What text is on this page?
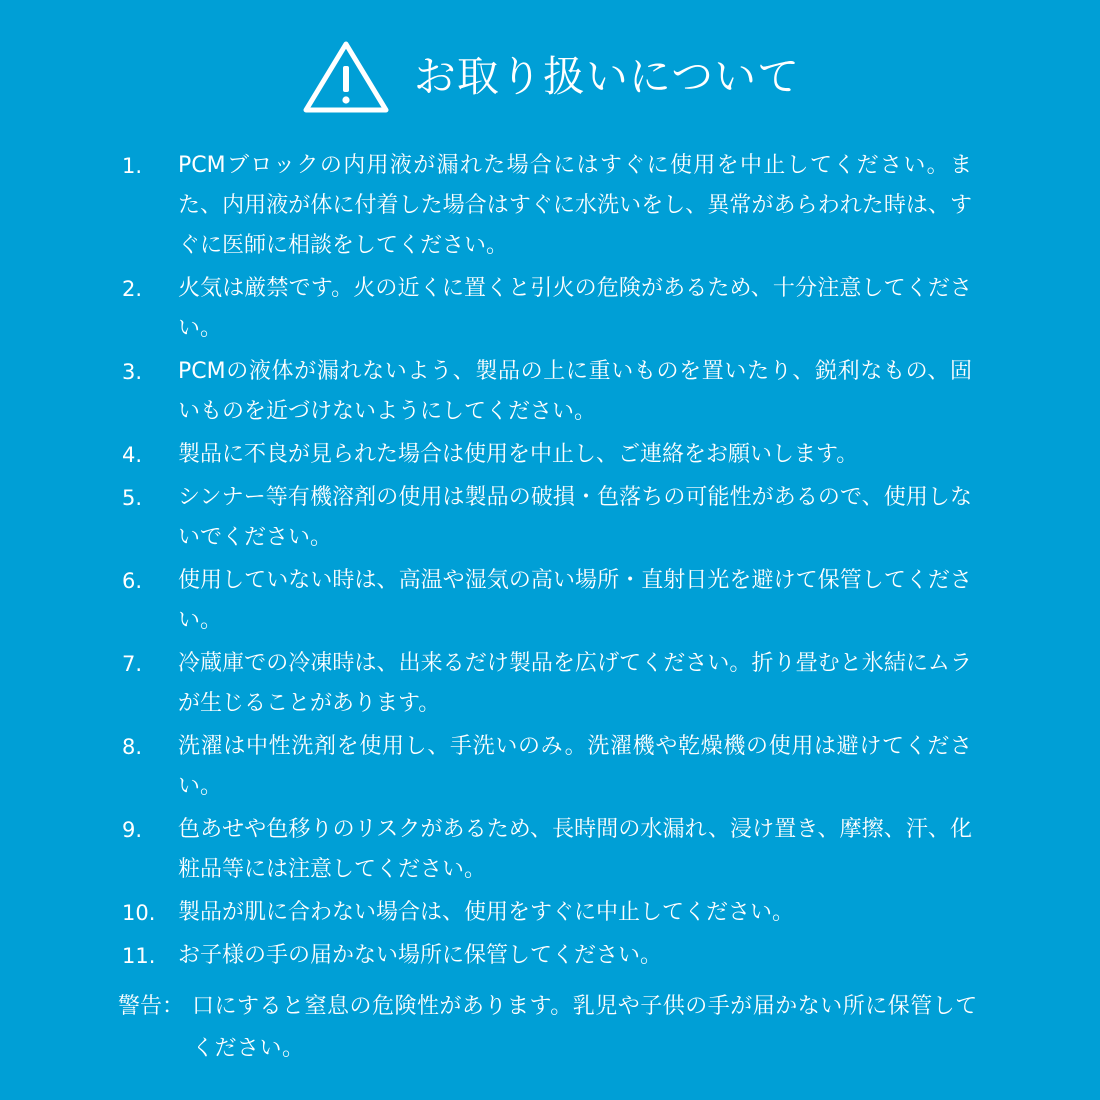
お取り扱いについて
1.	PCMブロックの内用液が漏れた場合にはすぐに使用を中止してください。また、内用液が体に付着した場合はすぐに水洗いをし、異常があらわれた時は、すぐに医師に相談をしてください。
2.	火気は厳禁です。火の近くに置くと引火の危険があるため、十分注意してください。
3.	PCMの液体が漏れないよう、製品の上に重いものを置いたり、鋭利なもの、固いものを近づけないようにしてください。
4.	製品に不良が見られた場合は使用を中止し、ご連絡をお願いします。
5.	シンナー等有機溶剤の使用は製品の破損・色落ちの可能性があるので、使用しないでください。
6.	使用していない時は、高温や湿気の高い場所・直射日光を避けて保管してください。
7.	冷蔵庫での冷凍時は、出来るだけ製品を広げてください。折り畳むと氷結にムラが生じることがあります。
8.	洗濯は中性洗剤を使用し、手洗いのみ。洗濯機や乾燥機の使用は避けてください。
9.	色あせや色移りのリスクがあるため、長時間の水漏れ、浸け置き、摩擦、汗、化粧品等には注意してください。
10.	製品が肌に合わない場合は、使用をすぐに中止してください。
11.	お子様の手の届かない場所に保管してください。
警告： 口にすると窒息の危険性があります。乳児や子供の手が届かない所に保管してください。
